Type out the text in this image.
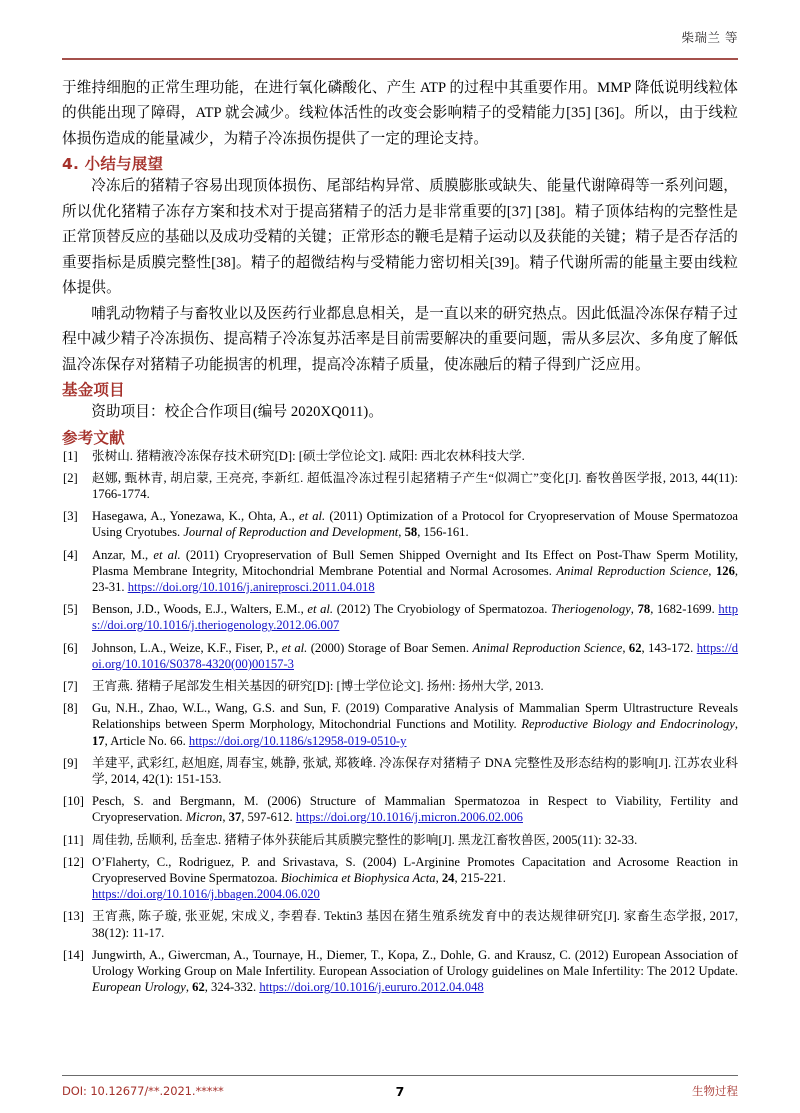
柴瑞兰 等

于维持细胞的正常生理功能，在进行氧化磷酸化、产生 ATP 的过程中其重要作用。MMP 降低说明线粒体的供能出现了障碍，ATP 就会减少。线粒体活性的改变会影响精子的受精能力[35] [36]。所以，由于线粒体损伤造成的能量减少，为精子冷冻损伤提供了一定的理论支持。

4. 小结与展望

冷冻后的猪精子容易出现顶体损伤、尾部结构异常、质膜膨胀或缺失、能量代谢障碍等一系列问题，所以优化猪精子冻存方案和技术对于提高猪精子的活力是非常重要的[37] [38]。精子顶体结构的完整性是正常顶替反应的基础以及成功受精的关键；正常形态的鞭毛是精子运动以及获能的关键；精子是否存活的重要指标是质膜完整性[38]。精子的超微结构与受精能力密切相关[39]。精子代谢所需的能量主要由线粒体提供。

哺乳动物精子与畜牧业以及医药行业都息息相关，是一直以来的研究热点。因此低温冷冻保存精子过程中减少精子冷冻损伤、提高精子冷冻复苏活率是目前需要解决的重要问题，需从多层次、多角度了解低温冷冻保存对猪精子功能损害的机理，提高冷冻精子质量，使冻融后的精子得到广泛应用。

基金项目

资助项目：校企合作项目(编号 2020XQ011)。

参考文献
[1]	张树山. 猪精液冷冻保存技术研究[D]: [硕士学位论文]. 咸阳: 西北农林科技大学.
[2]	赵娜, 甄林青, 胡启蒙, 王亮亮, 李新红. 超低温冷冻过程引起猪精子产生“似凋亡”变化[J]. 畜牧兽医学报, 2013, 44(11): 1766-1774.
[3]	Hasegawa, A., Yonezawa, K., Ohta, A., et al. (2011) Optimization of a Protocol for Cryopreservation of Mouse Spermatozoa Using Cryotubes. Journal of Reproduction and Development, 58, 156-161.
[4]	Anzar, M., et al. (2011) Cryopreservation of Bull Semen Shipped Overnight and Its Effect on Post-Thaw Sperm Motility, Plasma Membrane Integrity, Mitochondrial Membrane Potential and Normal Acrosomes. Animal Reproduction Science, 126, 23-31. https://doi.org/10.1016/j.anireprosci.2011.04.018
[5]	Benson, J.D., Woods, E.J., Walters, E.M., et al. (2012) The Cryobiology of Spermatozoa. Theriogenology, 78, 1682-1699. https://doi.org/10.1016/j.theriogenology.2012.06.007
[6]	Johnson, L.A., Weize, K.F., Fiser, P., et al. (2000) Storage of Boar Semen. Animal Reproduction Science, 62, 143-172. https://doi.org/10.1016/S0378-4320(00)00157-3
[7]	王宵燕. 猪精子尾部发生相关基因的研究[D]: [博士学位论文]. 扬州: 扬州大学, 2013.
[8]	Gu, N.H., Zhao, W.L., Wang, G.S. and Sun, F. (2019) Comparative Analysis of Mammalian Sperm Ultrastructure Reveals Relationships between Sperm Morphology, Mitochondrial Functions and Motility. Reproductive Biology and Endocrinology, 17, Article No. 66. https://doi.org/10.1186/s12958-019-0510-y
[9]	羊建平, 武彩红, 赵旭庭, 周春宝, 姚静, 张斌, 郑筱峰. 冷冻保存对猪精子 DNA 完整性及形态结构的影响[J]. 江苏农业科学, 2014, 42(1): 151-153.
[10] Pesch, S. and Bergmann, M. (2006) Structure of Mammalian Spermatozoa in Respect to Viability, Fertility and Cryopreservation. Micron, 37, 597-612. https://doi.org/10.1016/j.micron.2006.02.006
[11] 周佳勃, 岳顺利, 岳奎忠. 猪精子体外获能后其质膜完整性的影响[J]. 黑龙江畜牧兽医, 2005(11): 32-33.
[12] O’Flaherty, C., Rodriguez, P. and Srivastava, S. (2004) L-Arginine Promotes Capacitation and Acrosome Reaction in Cryopreserved Bovine Spermatozoa. Biochimica et Biophysica Acta, 24, 215-221.
https://doi.org/10.1016/j.bbagen.2004.06.020
[13] 王宵燕, 陈子璇, 张亚妮, 宋成义, 李碧春. Tektin3 基因在猪生殖系统发育中的表达规律研究[J]. 家畜生态学报, 2017, 38(12): 11-17.
[14] Jungwirth, A., Giwercman, A., Tournaye, H., Diemer, T., Kopa, Z., Dohle, G. and Krausz, C. (2012) European Association of Urology Working Group on Male Infertility. European Association of Urology guidelines on Male Infertility: The 2012 Update. European Urology, 62, 324-332. https://doi.org/10.1016/j.eururo.2012.04.048
DOI: 10.12677/**.2021.*****	7	生物过程
